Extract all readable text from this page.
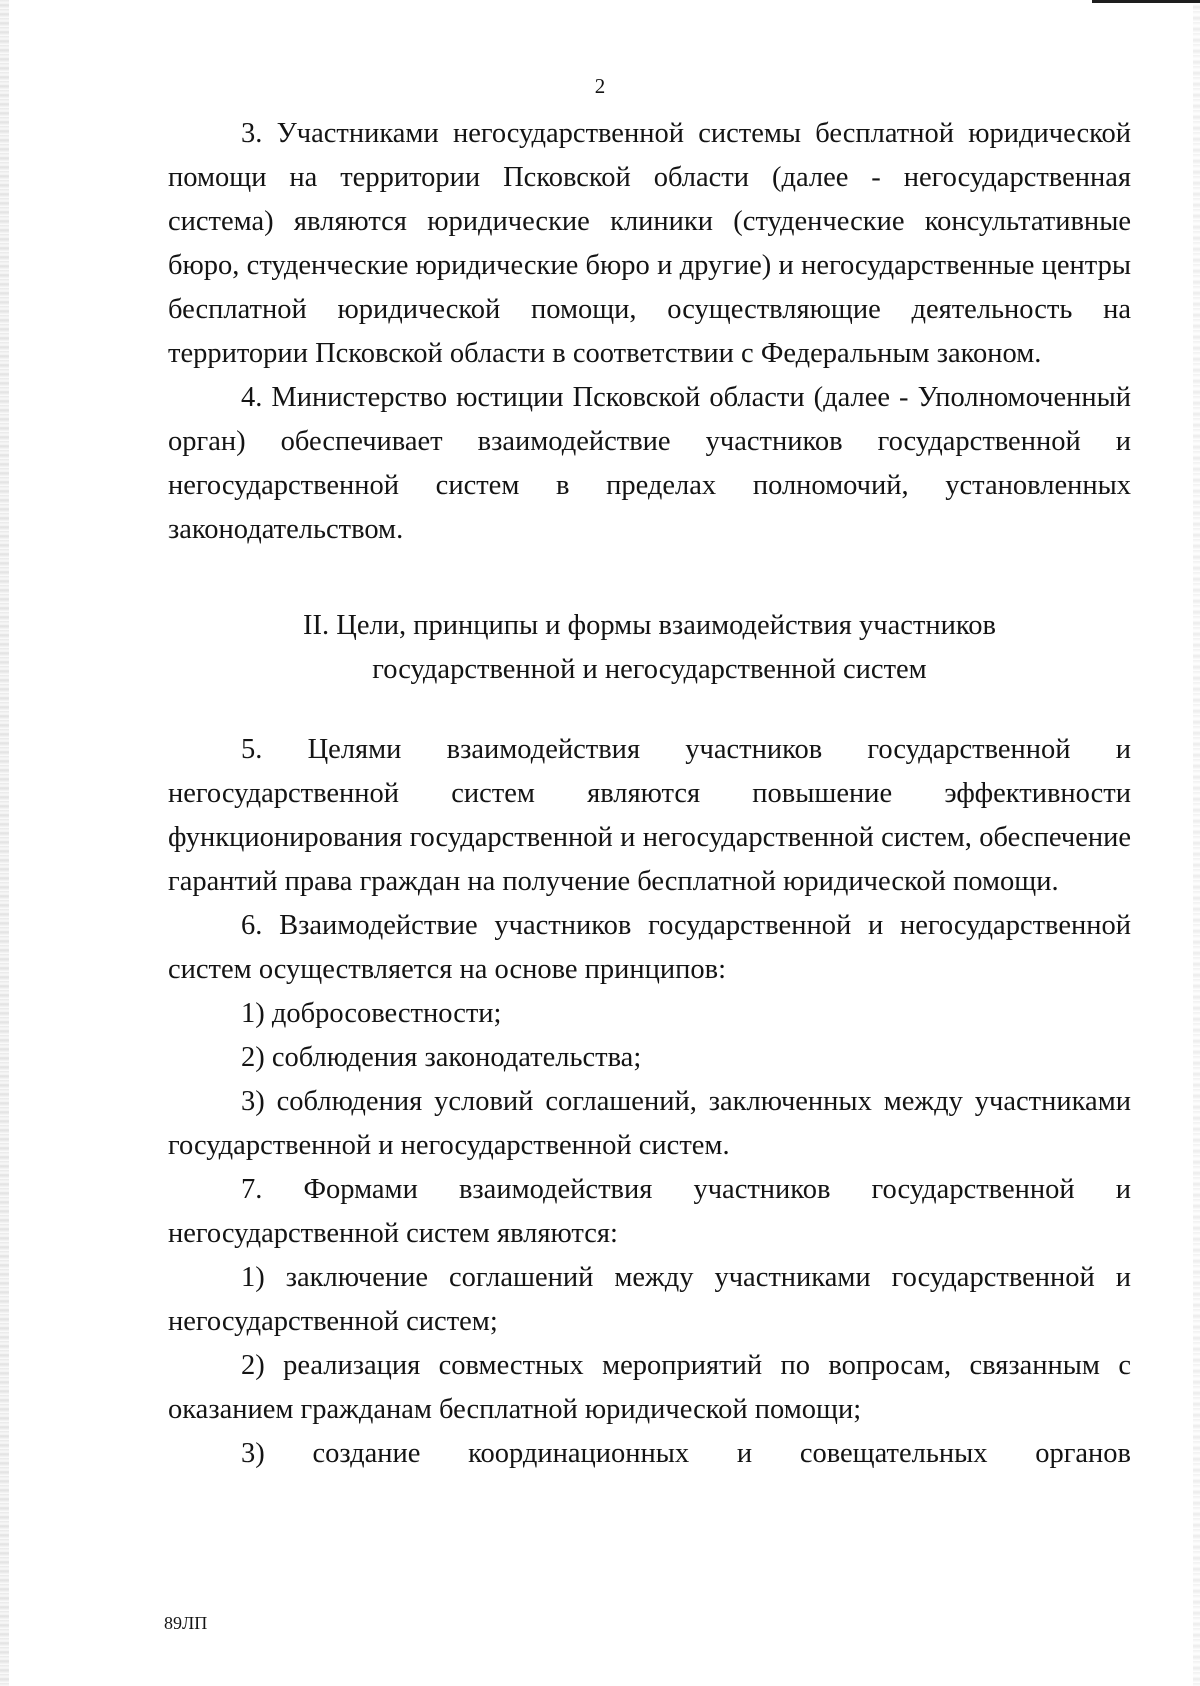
2

3. Участниками негосударственной системы бесплатной юридической помощи на территории Псковской области (далее - негосударственная система) являются юридические клиники (студенческие консультативные бюро, студенческие юридические бюро и другие) и негосударственные центры бесплатной юридической помощи, осуществляющие деятельность на территории Псковской области в соответствии с Федеральным законом.

4. Министерство юстиции Псковской области (далее - Уполномоченный орган) обеспечивает взаимодействие участников государственной и негосударственной систем в пределах полномочий, установленных законодательством.

II. Цели, принципы и формы взаимодействия участников

государственной и негосударственной систем

5. Целями взаимодействия участников государственной и негосударственной систем являются повышение эффективности функционирования государственной и негосударственной систем, обеспечение гарантий права граждан на получение бесплатной юридической помощи.

6. Взаимодействие участников государственной и негосударственной систем осуществляется на основе принципов:

1) добросовестности;

2) соблюдения законодательства;

3) соблюдения условий соглашений, заключенных между участниками государственной и негосударственной систем.

7. Формами взаимодействия участников государственной и негосударственной систем являются:

1) заключение соглашений между участниками государственной и негосударственной систем;

2) реализация совместных мероприятий по вопросам, связанным с оказанием гражданам бесплатной юридической помощи;

3) создание координационных и совещательных органов

89ЛП
